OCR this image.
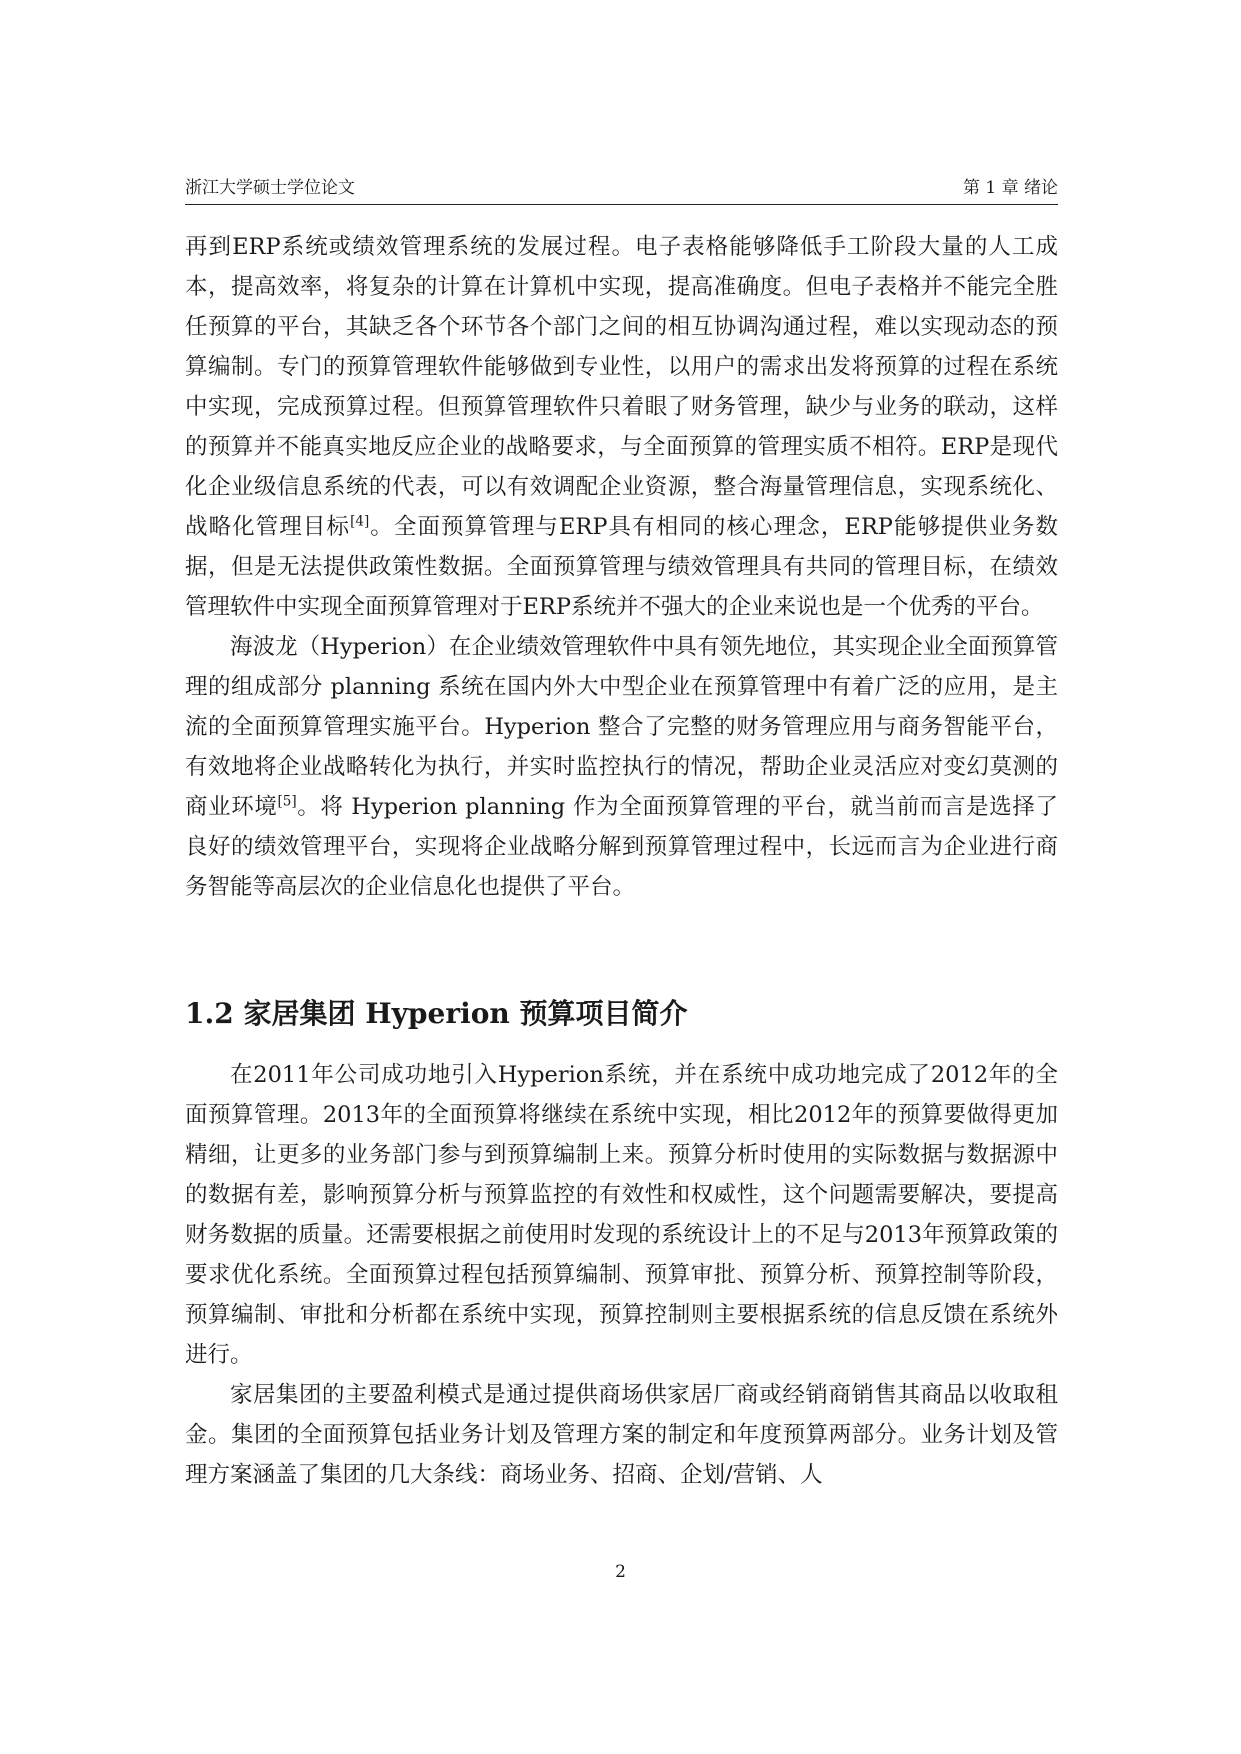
浙江大学硕士学位论文	第 1 章 绪论

再到ERP系统或绩效管理系统的发展过程。电子表格能够降低手工阶段大量的人工成本，提高效率，将复杂的计算在计算机中实现，提高准确度。但电子表格并不能完全胜任预算的平台，其缺乏各个环节各个部门之间的相互协调沟通过程，难以实现动态的预算编制。专门的预算管理软件能够做到专业性，以用户的需求出发将预算的过程在系统中实现，完成预算过程。但预算管理软件只着眼了财务管理，缺少与业务的联动，这样的预算并不能真实地反应企业的战略要求，与全面预算的管理实质不相符。ERP是现代化企业级信息系统的代表，可以有效调配企业资源，整合海量管理信息，实现系统化、战略化管理目标[4]。全面预算管理与ERP具有相同的核心理念，ERP能够提供业务数据，但是无法提供政策性数据。全面预算管理与绩效管理具有共同的管理目标，在绩效管理软件中实现全面预算管理对于ERP系统并不强大的企业来说也是一个优秀的平台。

海波龙（Hyperion）在企业绩效管理软件中具有领先地位，其实现企业全面预算管理的组成部分 planning 系统在国内外大中型企业在预算管理中有着广泛的应用，是主流的全面预算管理实施平台。Hyperion 整合了完整的财务管理应用与商务智能平台，有效地将企业战略转化为执行，并实时监控执行的情况，帮助企业灵活应对变幻莫测的商业环境[5]。将 Hyperion planning 作为全面预算管理的平台，就当前而言是选择了良好的绩效管理平台，实现将企业战略分解到预算管理过程中，长远而言为企业进行商务智能等高层次的企业信息化也提供了平台。

1.2 家居集团 Hyperion 预算项目简介

在2011年公司成功地引入Hyperion系统，并在系统中成功地完成了2012年的全面预算管理。2013年的全面预算将继续在系统中实现，相比2012年的预算要做得更加精细，让更多的业务部门参与到预算编制上来。预算分析时使用的实际数据与数据源中的数据有差，影响预算分析与预算监控的有效性和权威性，这个问题需要解决，要提高财务数据的质量。还需要根据之前使用时发现的系统设计上的不足与2013年预算政策的要求优化系统。全面预算过程包括预算编制、预算审批、预算分析、预算控制等阶段，预算编制、审批和分析都在系统中实现，预算控制则主要根据系统的信息反馈在系统外进行。

家居集团的主要盈利模式是通过提供商场供家居厂商或经销商销售其商品以收取租金。集团的全面预算包括业务计划及管理方案的制定和年度预算两部分。业务计划及管理方案涵盖了集团的几大条线：商场业务、招商、企划/营销、人

2
